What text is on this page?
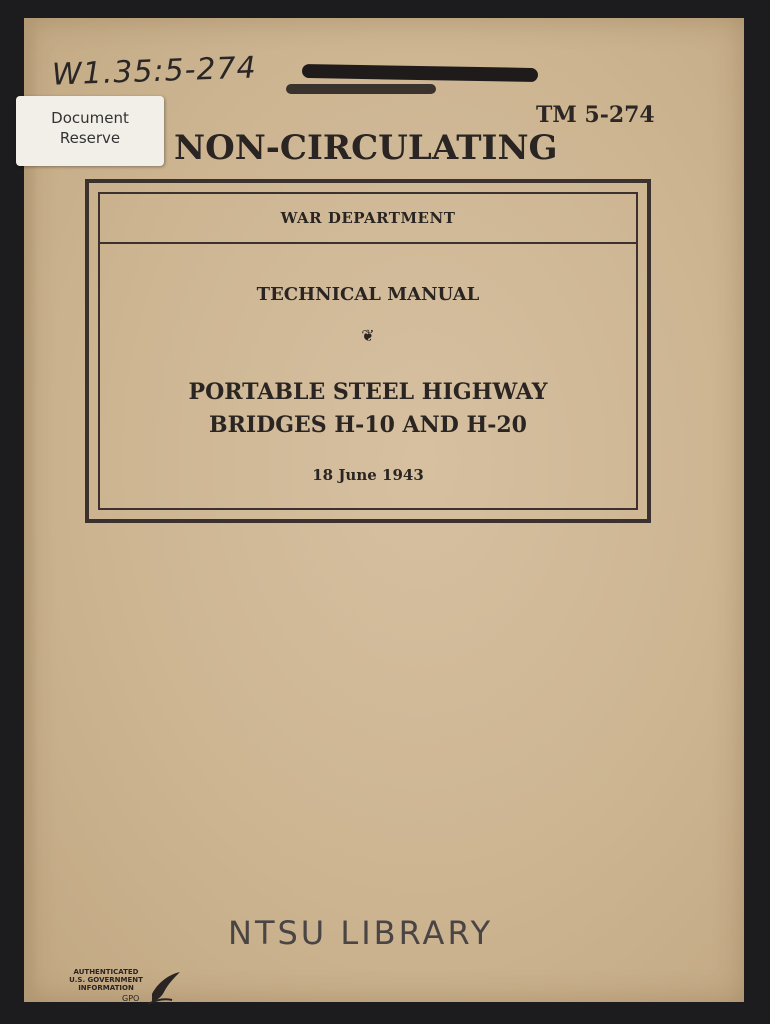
W1.35:5-274
TM 5-274
Document
Reserve	NON-CIRCULATING
WAR DEPARTMENT
TECHNICAL MANUAL
❦
PORTABLE STEEL HIGHWAY
BRIDGES H-10 AND H-20
18 June 1943
NTSU LIBRARY
AUTHENTICATED
U.S. GOVERNMENT
INFORMATION
GPO
